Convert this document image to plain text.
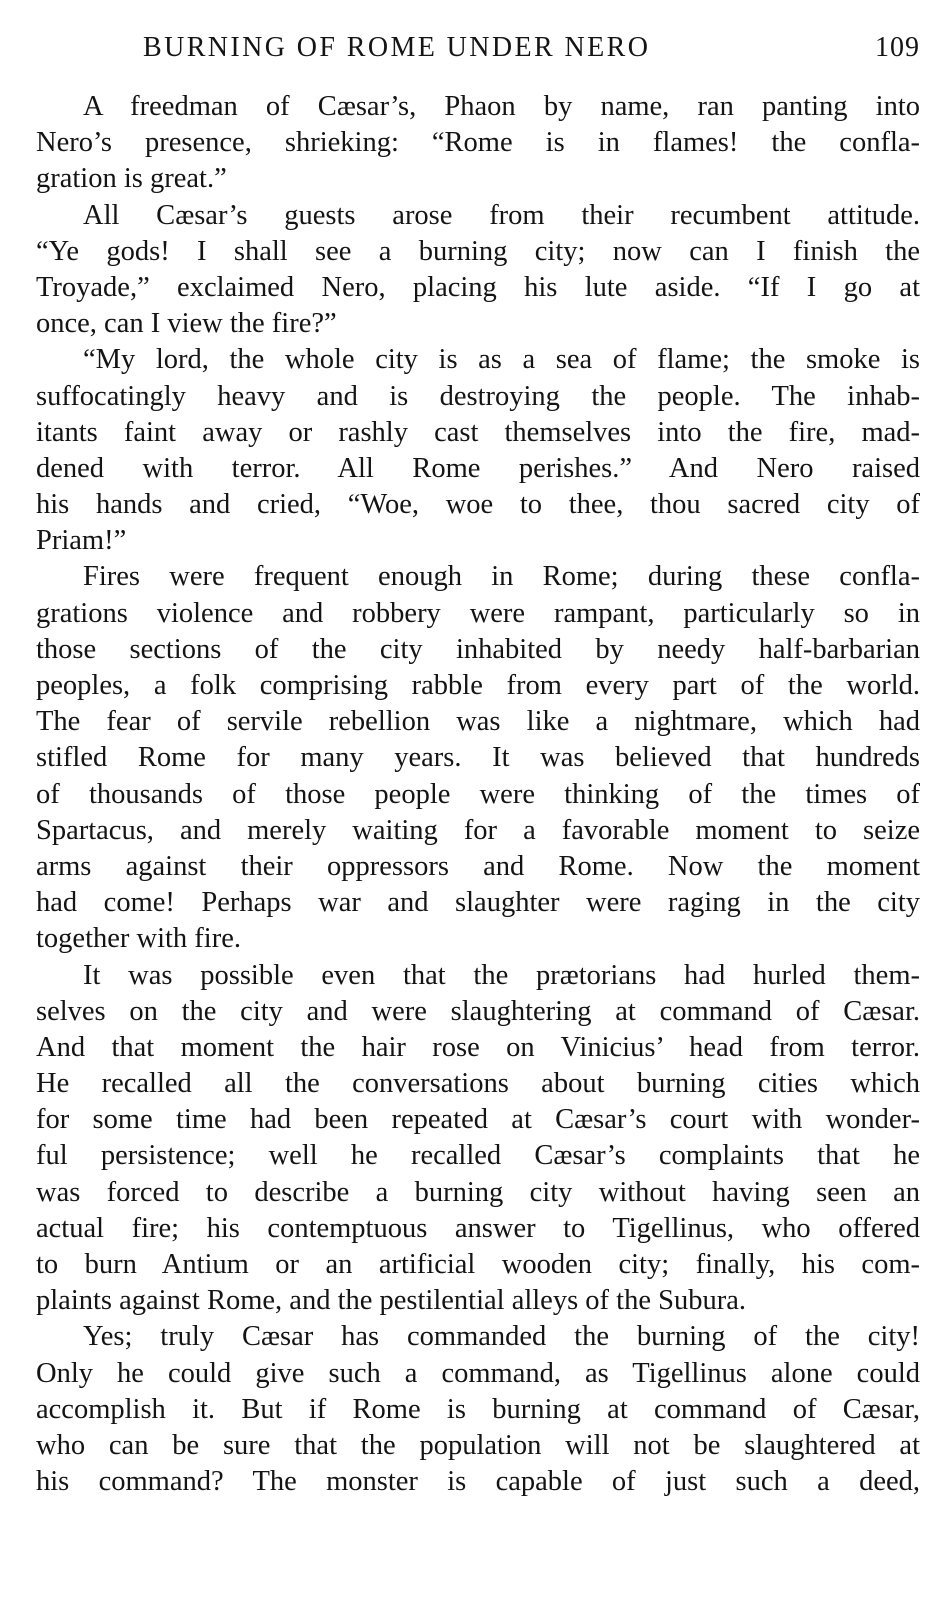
BURNING OF ROME UNDER NERO	109
A freedman of Cæsar’s, Phaon by name, ran panting into
Nero’s presence, shrieking: “Rome is in flames! the confla-
gration is great.”
All Cæsar’s guests arose from their recumbent attitude.
“Ye gods! I shall see a burning city; now can I finish the
Troyade,” exclaimed Nero, placing his lute aside. “If I go at
once, can I view the fire?”
“My lord, the whole city is as a sea of flame; the smoke is
suffocatingly heavy and is destroying the people. The inhab-
itants faint away or rashly cast themselves into the fire, mad-
dened with terror. All Rome perishes.” And Nero raised
his hands and cried, “Woe, woe to thee, thou sacred city of
Priam!”
Fires were frequent enough in Rome; during these confla-
grations violence and robbery were rampant, particularly so in
those sections of the city inhabited by needy half-barbarian
peoples, a folk comprising rabble from every part of the world.
The fear of servile rebellion was like a nightmare, which had
stifled Rome for many years. It was believed that hundreds
of thousands of those people were thinking of the times of
Spartacus, and merely waiting for a favorable moment to seize
arms against their oppressors and Rome. Now the moment
had come! Perhaps war and slaughter were raging in the city
together with fire.
It was possible even that the prætorians had hurled them-
selves on the city and were slaughtering at command of Cæsar.
And that moment the hair rose on Vinicius’ head from terror.
He recalled all the conversations about burning cities which
for some time had been repeated at Cæsar’s court with wonder-
ful persistence; well he recalled Cæsar’s complaints that he
was forced to describe a burning city without having seen an
actual fire; his contemptuous answer to Tigellinus, who offered
to burn Antium or an artificial wooden city; finally, his com-
plaints against Rome, and the pestilential alleys of the Subura.
Yes; truly Cæsar has commanded the burning of the city!
Only he could give such a command, as Tigellinus alone could
accomplish it. But if Rome is burning at command of Cæsar,
who can be sure that the population will not be slaughtered at
his command? The monster is capable of just such a deed,
